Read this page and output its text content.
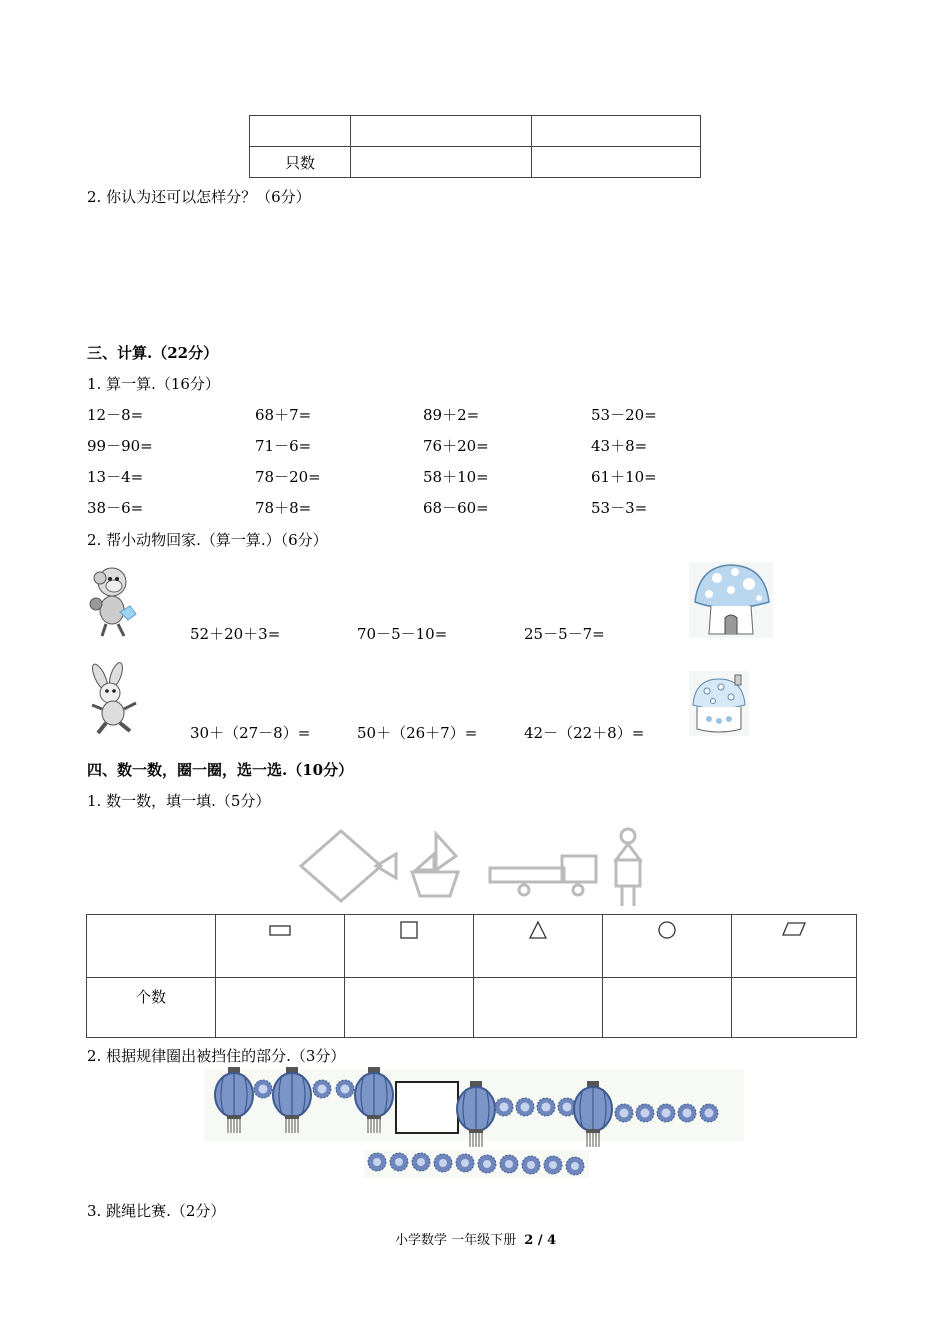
只数		
2. 你认为还可以怎样分？（6分）
三、计算.（22分）
1. 算一算.（16分）
12－8=	68＋7=	89＋2=	53－20=
99－90=	71－6=	76＋20=	43＋8=
13－4=	78－20=	58＋10=	61＋10=
38－6=	78＋8=	68－60=	53－3=
2. 帮小动物回家.（算一算.）（6分）
52＋20＋3=	70－5－10=	25－5－7=
30＋（27－8）=	50＋（26＋7）=	42－（22＋8）=
四、数一数，圈一圈，选一选.（10分）
1. 数一数，填一填.（5分）

个数					
2. 根据规律圈出被挡住的部分.（3分）
3. 跳绳比赛.（2分）
小学数学 一年级下册 2 / 4
